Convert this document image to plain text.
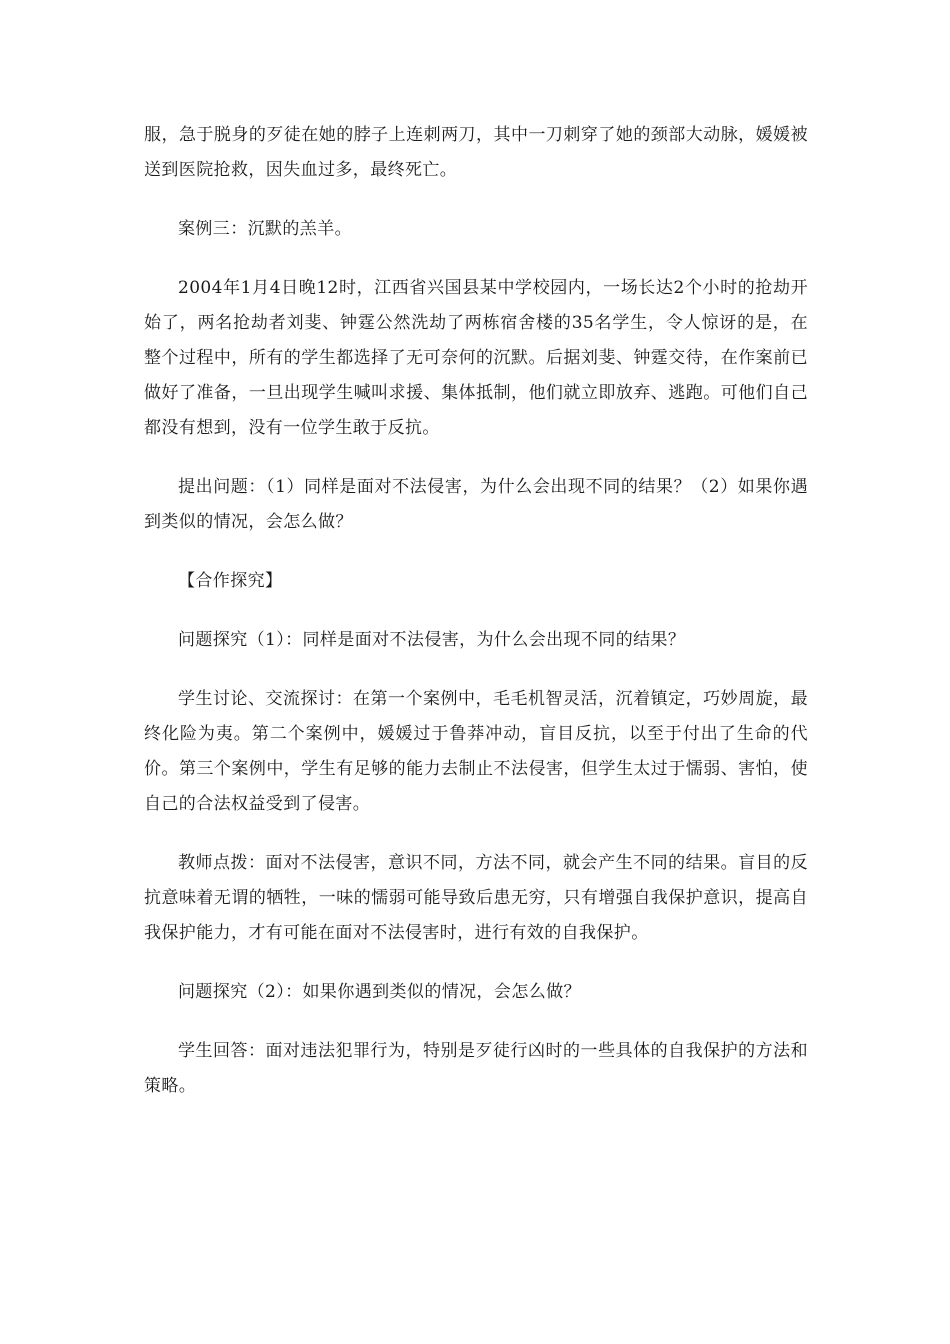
服，急于脱身的歹徒在她的脖子上连刺两刀，其中一刀刺穿了她的颈部大动脉，媛媛被送到医院抢救，因失血过多，最终死亡。

案例三：沉默的羔羊。

2004年1月4日晚12时，江西省兴国县某中学校园内，一场长达2个小时的抢劫开始了，两名抢劫者刘斐、钟霆公然洗劫了两栋宿舍楼的35名学生，令人惊讶的是，在整个过程中，所有的学生都选择了无可奈何的沉默。后据刘斐、钟霆交待，在作案前已做好了准备，一旦出现学生喊叫求援、集体抵制，他们就立即放弃、逃跑。可他们自己都没有想到，没有一位学生敢于反抗。

提出问题：（1）同样是面对不法侵害，为什么会出现不同的结果？（2）如果你遇到类似的情况，会怎么做？

【合作探究】

问题探究（1）：同样是面对不法侵害，为什么会出现不同的结果？

学生讨论、交流探讨：在第一个案例中，毛毛机智灵活，沉着镇定，巧妙周旋，最终化险为夷。第二个案例中，媛媛过于鲁莽冲动，盲目反抗，以至于付出了生命的代价。第三个案例中，学生有足够的能力去制止不法侵害，但学生太过于懦弱、害怕，使自己的合法权益受到了侵害。

教师点拨：面对不法侵害，意识不同，方法不同，就会产生不同的结果。盲目的反抗意味着无谓的牺牲，一味的懦弱可能导致后患无穷，只有增强自我保护意识，提高自我保护能力，才有可能在面对不法侵害时，进行有效的自我保护。

问题探究（2）：如果你遇到类似的情况，会怎么做？

学生回答：面对违法犯罪行为，特别是歹徒行凶时的一些具体的自我保护的方法和策略。
